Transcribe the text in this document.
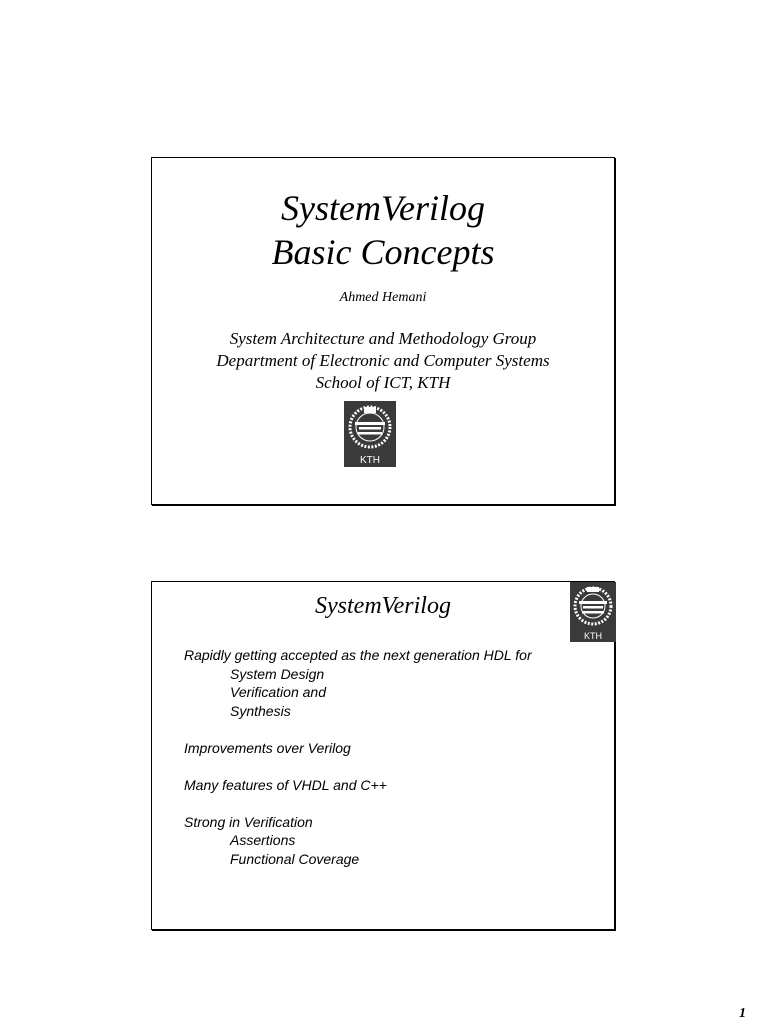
SystemVerilog
Basic Concepts
Ahmed Hemani
System Architecture and Methodology Group
Department of Electronic and Computer Systems
School of ICT, KTH
KTH
SystemVerilog
KTH
Rapidly getting accepted as the next generation HDL for
System Design
Verification and
Synthesis
Improvements over Verilog
Many features of VHDL and C++
Strong in Verification
Assertions
Functional Coverage
1
